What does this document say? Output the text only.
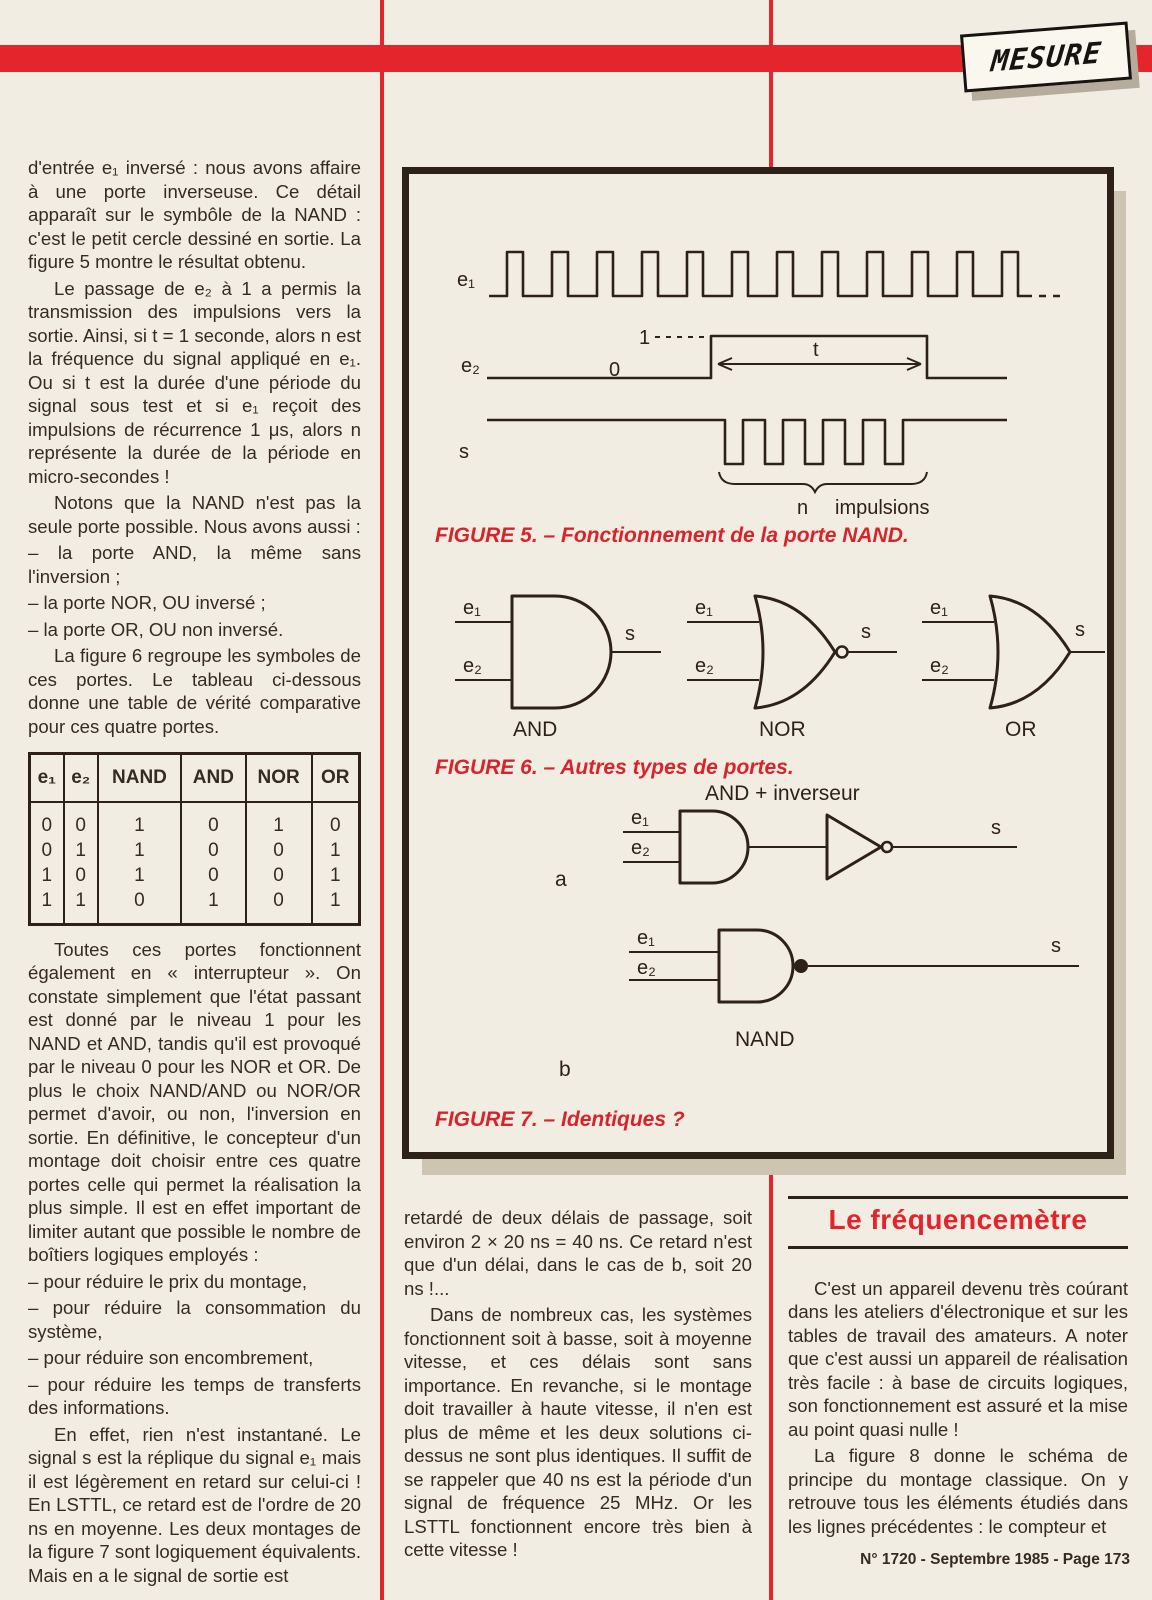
MESURE

d'entrée e₁ inversé : nous avons affaire à une porte inverseuse. Ce détail apparaît sur le symbôle de la NAND : c'est le petit cercle dessiné en sortie. La figure 5 montre le résultat obtenu.

Le passage de e₂ à 1 a permis la transmission des impulsions vers la sortie. Ainsi, si t = 1 seconde, alors n est la fréquence du signal appliqué en e₁. Ou si t est la durée d'une période du signal sous test et si e₁ reçoit des impulsions de récurrence 1 μs, alors n représente la durée de la période en micro-secondes !

Notons que la NAND n'est pas la seule porte possible. Nous avons aussi :

– la porte AND, la même sans l'inversion ;

– la porte NOR, OU inversé ;

– la porte OR, OU non inversé.

La figure 6 regroupe les symboles de ces portes. Le tableau ci-dessous donne une table de vérité comparative pour ces quatre portes.

e₁	e₂	NAND	AND	NOR	OR
0	0	1	0	1	0
0	1	1	0	0	1
1	0	1	0	0	1
1	1	0	1	0	1

Toutes ces portes fonctionnent également en « interrupteur ». On constate simplement que l'état passant est donné par le niveau 1 pour les NAND et AND, tandis qu'il est provoqué par le niveau 0 pour les NOR et OR. De plus le choix NAND/AND ou NOR/OR permet d'avoir, ou non, l'inversion en sortie. En définitive, le concepteur d'un montage doit choisir entre ces quatre portes celle qui permet la réalisation la plus simple. Il est en effet important de limiter autant que possible le nombre de boîtiers logiques employés :

– pour réduire le prix du montage,

– pour réduire la consommation du système,

– pour réduire son encombrement,

– pour réduire les temps de transferts des informations.

En effet, rien n'est instantané. Le signal s est la réplique du signal e₁ mais il est légèrement en retard sur celui-ci ! En LSTTL, ce retard est de l'ordre de 20 ns en moyenne. Les deux montages de la figure 7 sont logiquement équivalents. Mais en a le signal de sortie est

e₁
e₂
1
0
t
s
n impulsions
FIGURE 5. – Fonctionnement de la porte NAND.
e₁
e₂
s
AND
e₁
e₂
s
NOR
e₁
e₂
s
OR
FIGURE 6. – Autres types de portes.
AND + inverseur
e₁
e₂
s
a
e₁
e₂
s
NAND
b
FIGURE 7. – Identiques ?

retardé de deux délais de passage, soit environ 2 × 20 ns = 40 ns. Ce retard n'est que d'un délai, dans le cas de b, soit 20 ns !...

Dans de nombreux cas, les systèmes fonctionnent soit à basse, soit à moyenne vitesse, et ces délais sont sans importance. En revanche, si le montage doit travailler à haute vitesse, il n'en est plus de même et les deux solutions ci-dessus ne sont plus identiques. Il suffit de se rappeler que 40 ns est la période d'un signal de fréquence 25 MHz. Or les LSTTL fonctionnent encore très bien à cette vitesse !

Le fréquencemètre

C'est un appareil devenu très coúrant dans les ateliers d'électronique et sur les tables de travail des amateurs. A noter que c'est aussi un appareil de réalisation très facile : à base de circuits logiques, son fonctionnement est assuré et la mise au point quasi nulle !

La figure 8 donne le schéma de principe du montage classique. On y retrouve tous les éléments étudiés dans les lignes précédentes : le compteur et

N° 1720 - Septembre 1985 - Page 173
